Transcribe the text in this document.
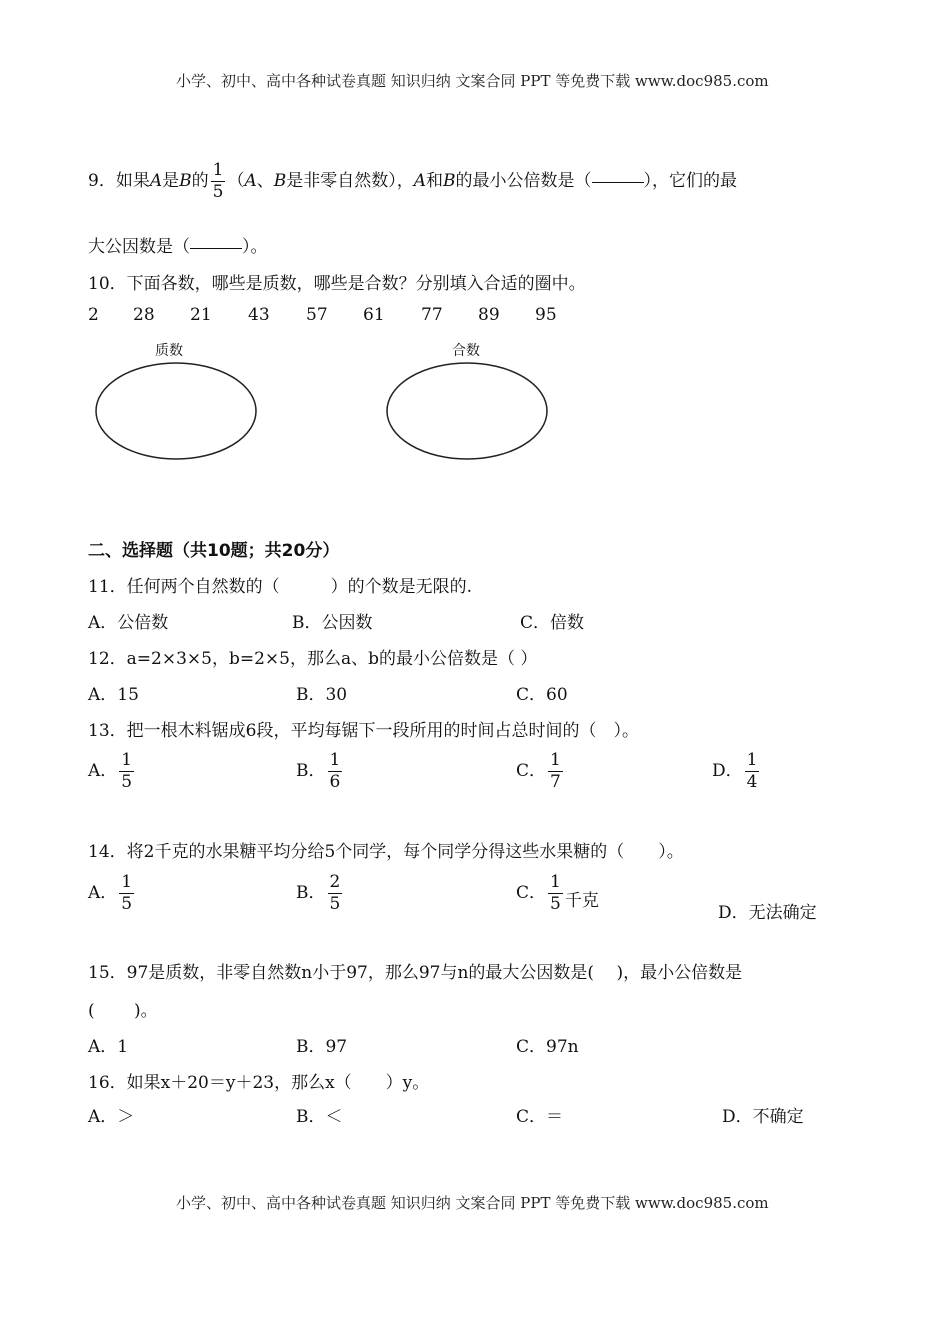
小学、初中、高中各种试卷真题 知识归纳 文案合同 PPT 等免费下载 www.doc985.com
9．如果A是B的 $\frac{1}{5} (A$、B是非零自然数），A和B的最小公倍数是（	），它们的最
大公因数是（	）。
10．下面各数，哪些是质数，哪些是合数？分别填入合适的圈中。
2 28 21 43 57 61 77 89 95
质数	合数
二、选择题（共10题；共20分）
11．任何两个自然数的（　　　）的个数是无限的.
A．公倍数	B．公因数	C．倍数
12．a=2×3×5，b=2×5，那么a、b的最小公倍数是（ ）
A．15	B．30	C．60
13．把一根木料锯成6段，平均每锯下一段所用的时间占总时间的（　）。
A． $\frac{1}{5}$	B． $\frac{1}{6}$	C． $\frac{1}{7}$	D． $\frac{1}{4}$
14．将2千克的水果糖平均分给5个同学，每个同学分得这些水果糖的（　　）。
A． $\frac{1}{5}$	B． $\frac{2}{5}$	C． $\frac{1}{5}$ 千克
D．无法确定
15．97是质数，非零自然数n小于97，那么97与n的最大公因数是(　 )，最小公倍数是
(　　 )。
A．1	B．97	C．97n
16．如果x＋20＝y＋23，那么x（　　）y。
A．＞	B．＜	C．＝	D．不确定
小学、初中、高中各种试卷真题 知识归纳 文案合同 PPT 等免费下载 www.doc985.com
